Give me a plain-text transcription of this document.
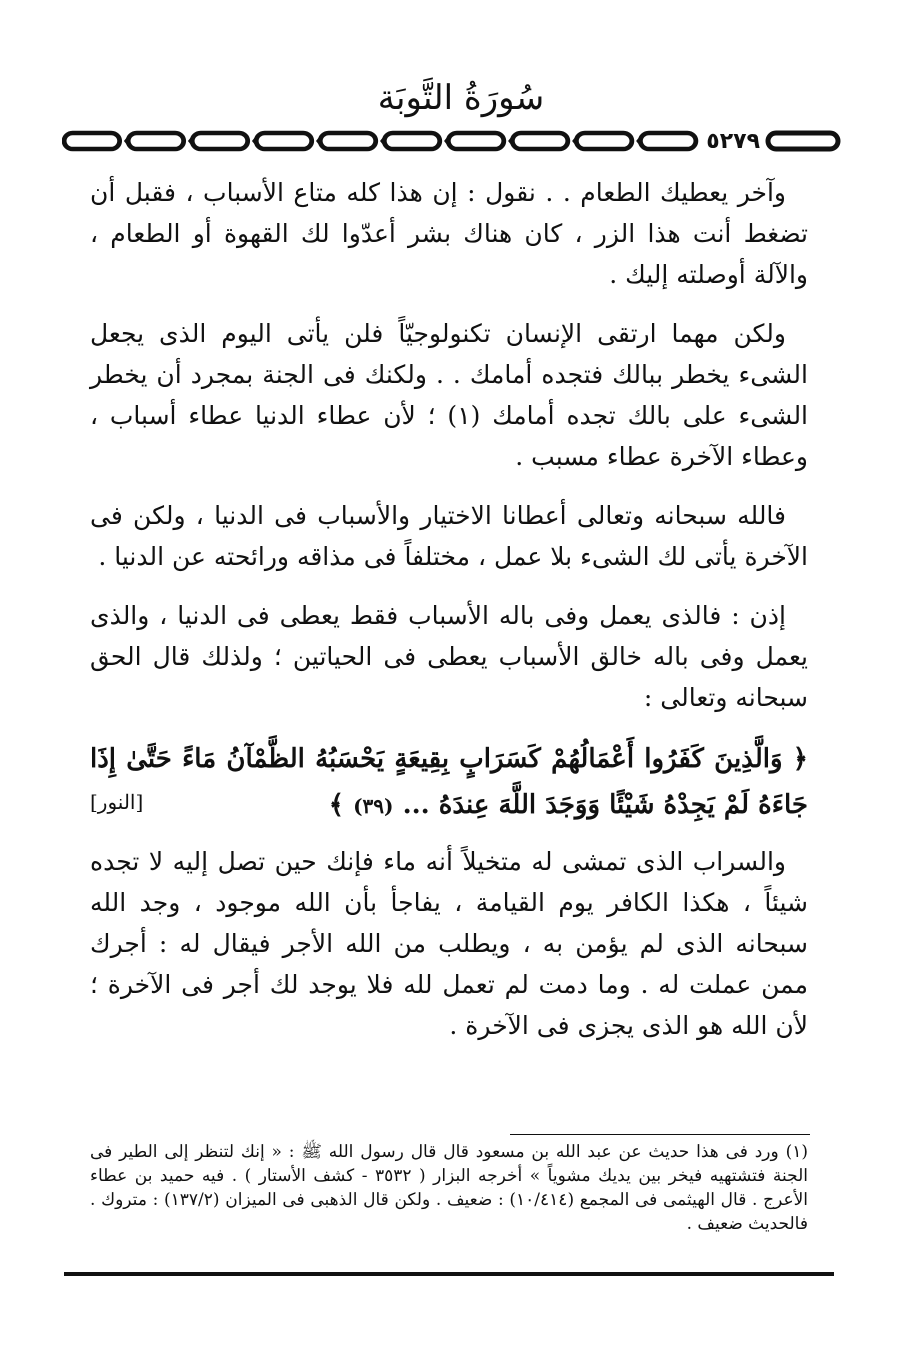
سُورَةُ التَّوبَة
٥٢٧٩

وآخر يعطيك الطعام . . نقول : إن هذا كله متاع الأسباب ، فقبل أن تضغط أنت هذا الزر ، كان هناك بشر أعدّوا لك القهوة أو الطعام ، والآلة أوصلته إليك .

ولكن مهما ارتقى الإنسان تكنولوجيّاً فلن يأتى اليوم الذى يجعل الشىء يخطر ببالك فتجده أمامك . . ولكنك فى الجنة بمجرد أن يخطر الشىء على بالك تجده أمامك (١) ؛ لأن عطاء الدنيا عطاء أسباب ، وعطاء الآخرة عطاء مسبب .

فالله سبحانه وتعالى أعطانا الاختيار والأسباب فى الدنيا ، ولكن فى الآخرة يأتى لك الشىء بلا عمل ، مختلفاً فى مذاقه ورائحته عن الدنيا .

إذن : فالذى يعمل وفى باله الأسباب فقط يعطى فى الدنيا ، والذى يعمل وفى باله خالق الأسباب يعطى فى الحياتين ؛ ولذلك قال الحق سبحانه وتعالى :

﴿ وَالَّذِينَ كَفَرُوا أَعْمَالُهُمْ كَسَرَابٍ بِقِيعَةٍ يَحْسَبُهُ الظَّمْآنُ مَاءً حَتَّىٰ إِذَا جَاءَهُ لَمْ يَجِدْهُ شَيْئًا وَوَجَدَ اللَّهَ عِندَهُ ... (٣٩) ﴾
[النور]

والسراب الذى تمشى له متخيلاً أنه ماء فإنك حين تصل إليه لا تجده شيئاً ، هكذا الكافر يوم القيامة ، يفاجأ بأن الله موجود ، وجد الله سبحانه الذى لم يؤمن به ، ويطلب من الله الأجر فيقال له : أجرك ممن عملت له . وما دمت لم تعمل لله فلا يوجد لك أجر فى الآخرة ؛ لأن الله هو الذى يجزى فى الآخرة .

(١) ورد فى هذا حديث عن عبد الله بن مسعود قال قال رسول الله ﷺ : « إنك لتنظر إلى الطير فى الجنة فتشتهيه فيخر بين يديك مشوياً » أخرجه البزار ( ٣٥٣٢ - كشف الأستار ) . فيه حميد بن عطاء الأعرج . قال الهيثمى فى المجمع (١٠/٤١٤) : ضعيف . ولكن قال الذهبى فى الميزان (١٣٧/٢) : متروك . فالحديث ضعيف .
